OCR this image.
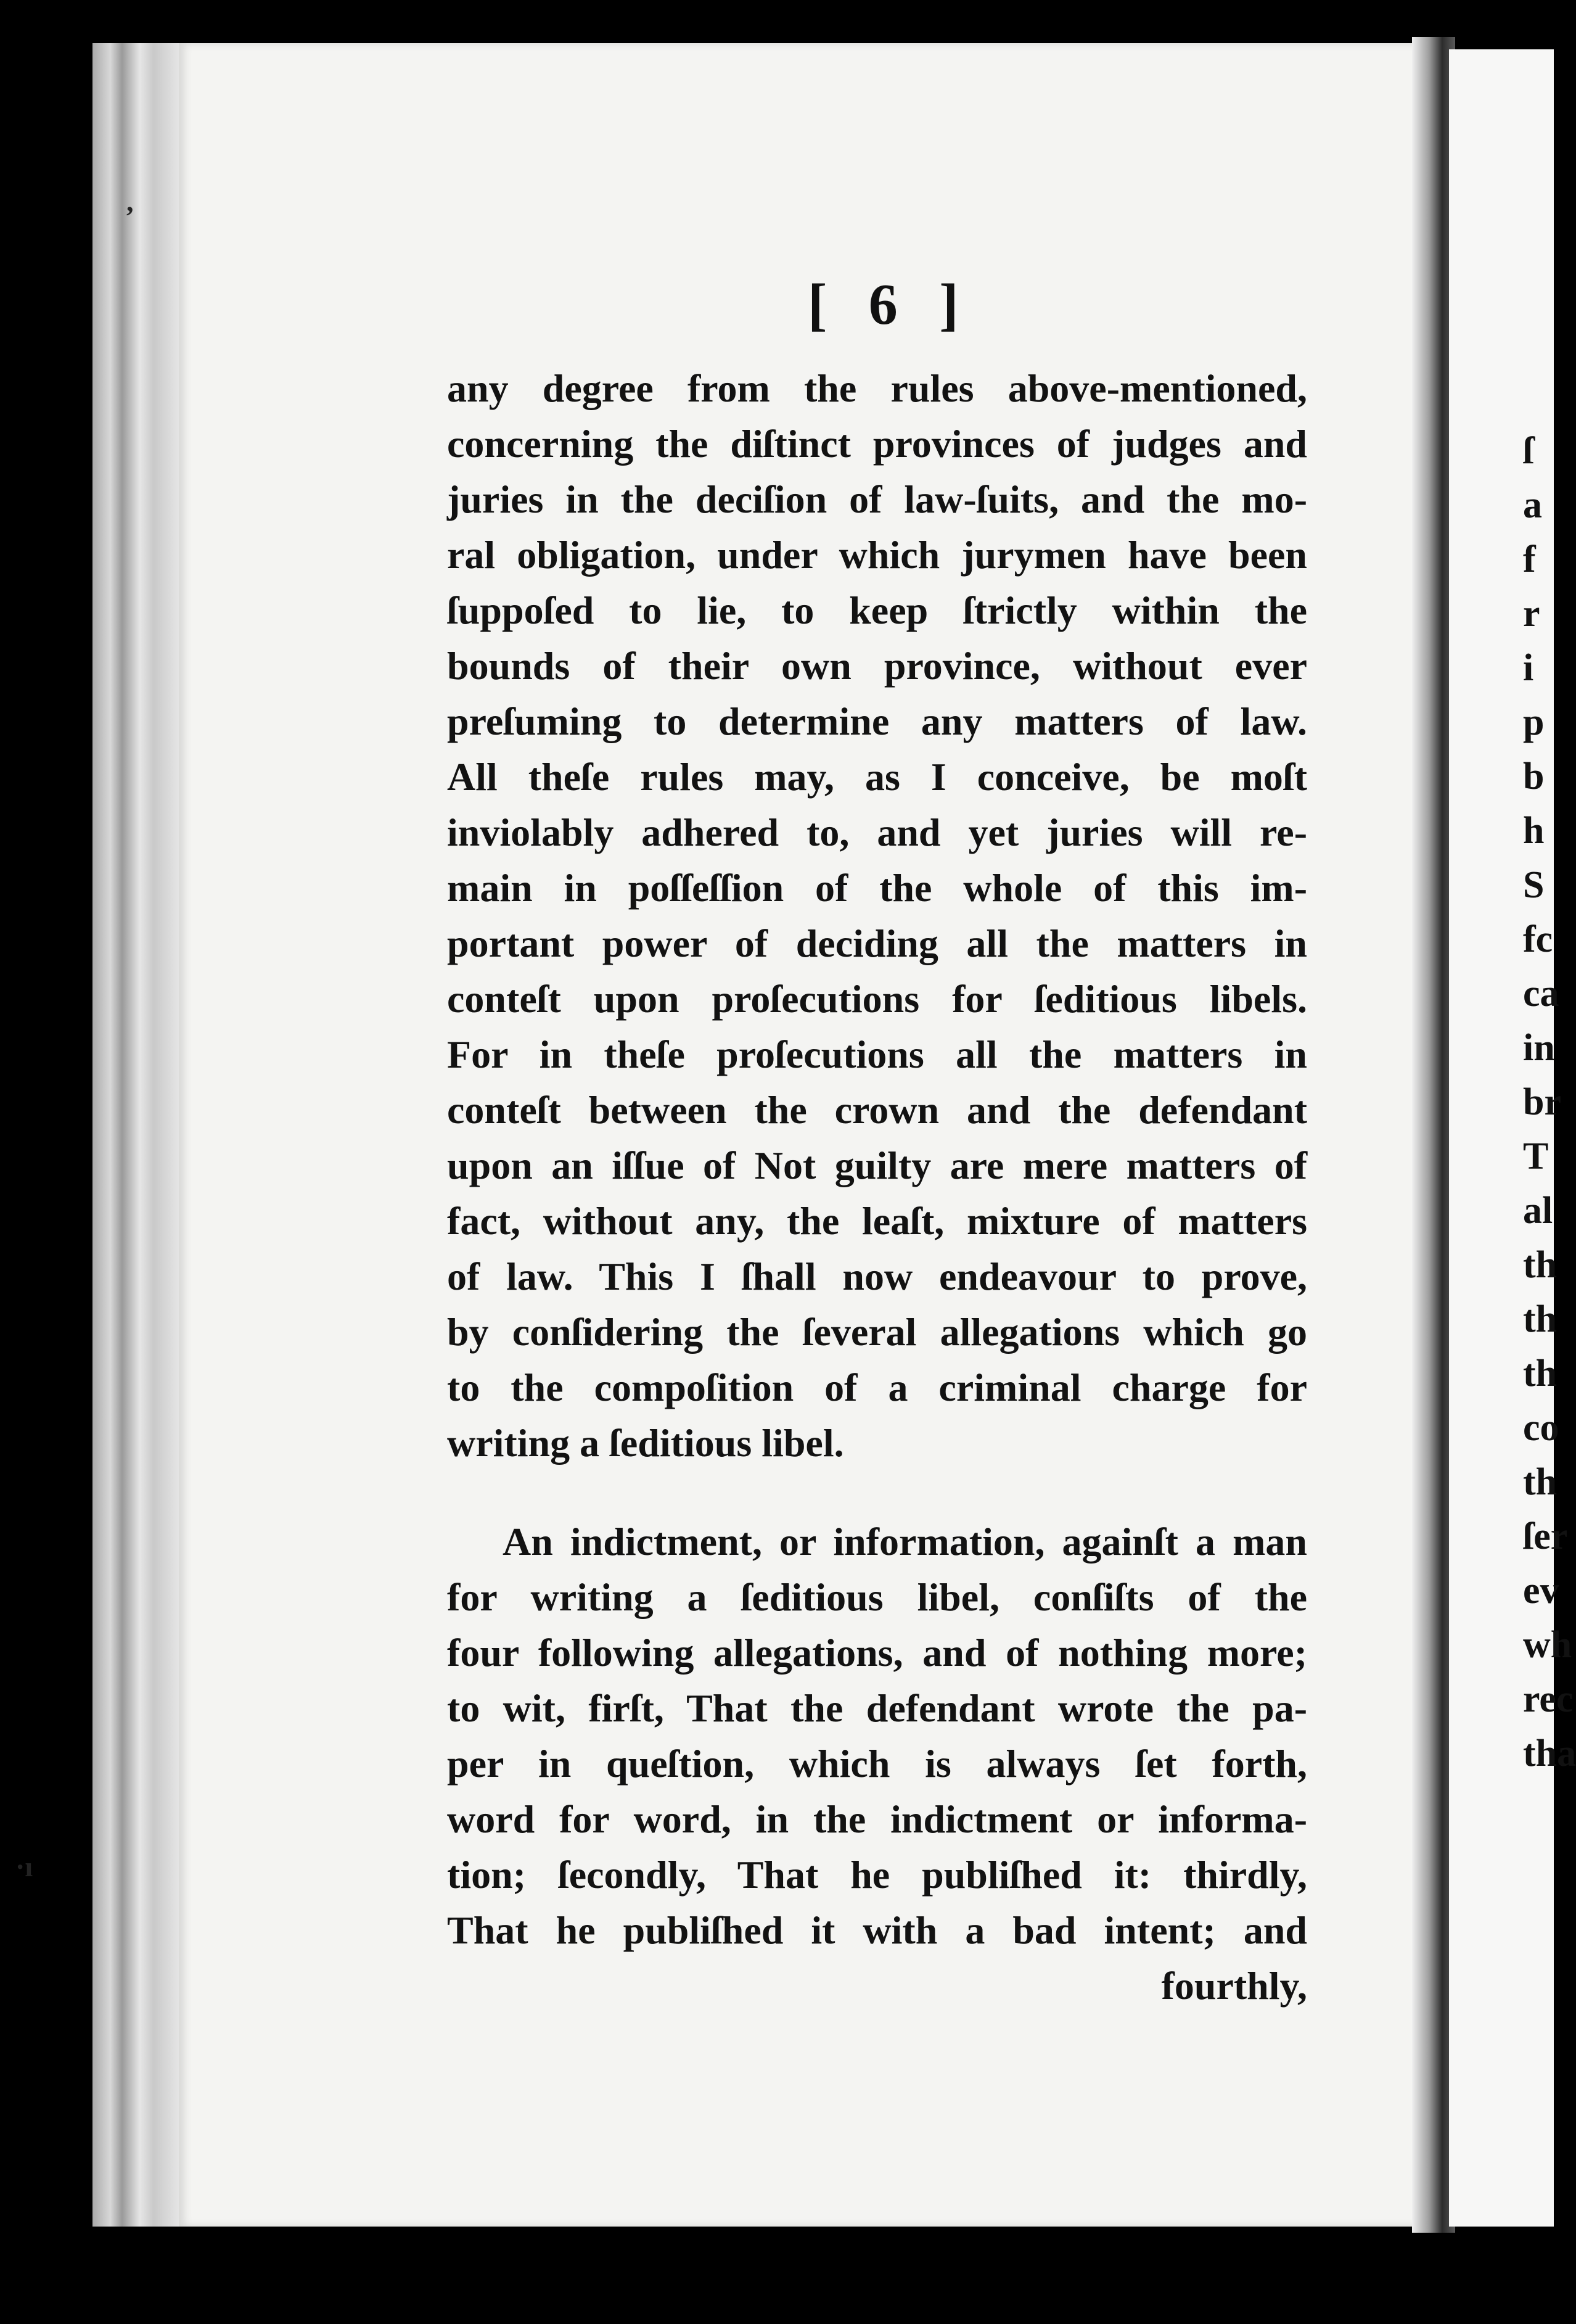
ſ
a
f
r
i
p
b
h
S
fc
ca
in
br
T
al
th
th
th
co
th
ſer
ev
wh
rec
tha
,
·ı
[ 6 ]
any degree from the rules above-mentioned,
concerning the diſtinct provinces of judges and
juries in the deciſion of law-ſuits, and the mo-
ral obligation, under which jurymen have been
ſuppoſed to lie, to keep ſtrictly within the
bounds of their own province, without ever
preſuming to determine any matters of law.
All theſe rules may, as I conceive, be moſt
inviolably adhered to, and yet juries will re-
main in poſſeſſion of the whole of this im-
portant power of deciding all the matters in
conteſt upon proſecutions for ſeditious libels.
For in theſe proſecutions all the matters in
conteſt between the crown and the defendant
upon an iſſue of Not guilty are mere matters of
fact, without any, the leaſt, mixture of matters
of law. This I ſhall now endeavour to prove,
by conſidering the ſeveral allegations which go
to the compoſition of a criminal charge for
writing a ſeditious libel.
An indictment, or information, againſt a man
for writing a ſeditious libel, conſiſts of the
four following allegations, and of nothing more;
to wit, firſt, That the defendant wrote the pa-
per in queſtion, which is always ſet forth,
word for word, in the indictment or informa-
tion; ſecondly, That he publiſhed it: thirdly,
That he publiſhed it with a bad intent; and
fourthly,
